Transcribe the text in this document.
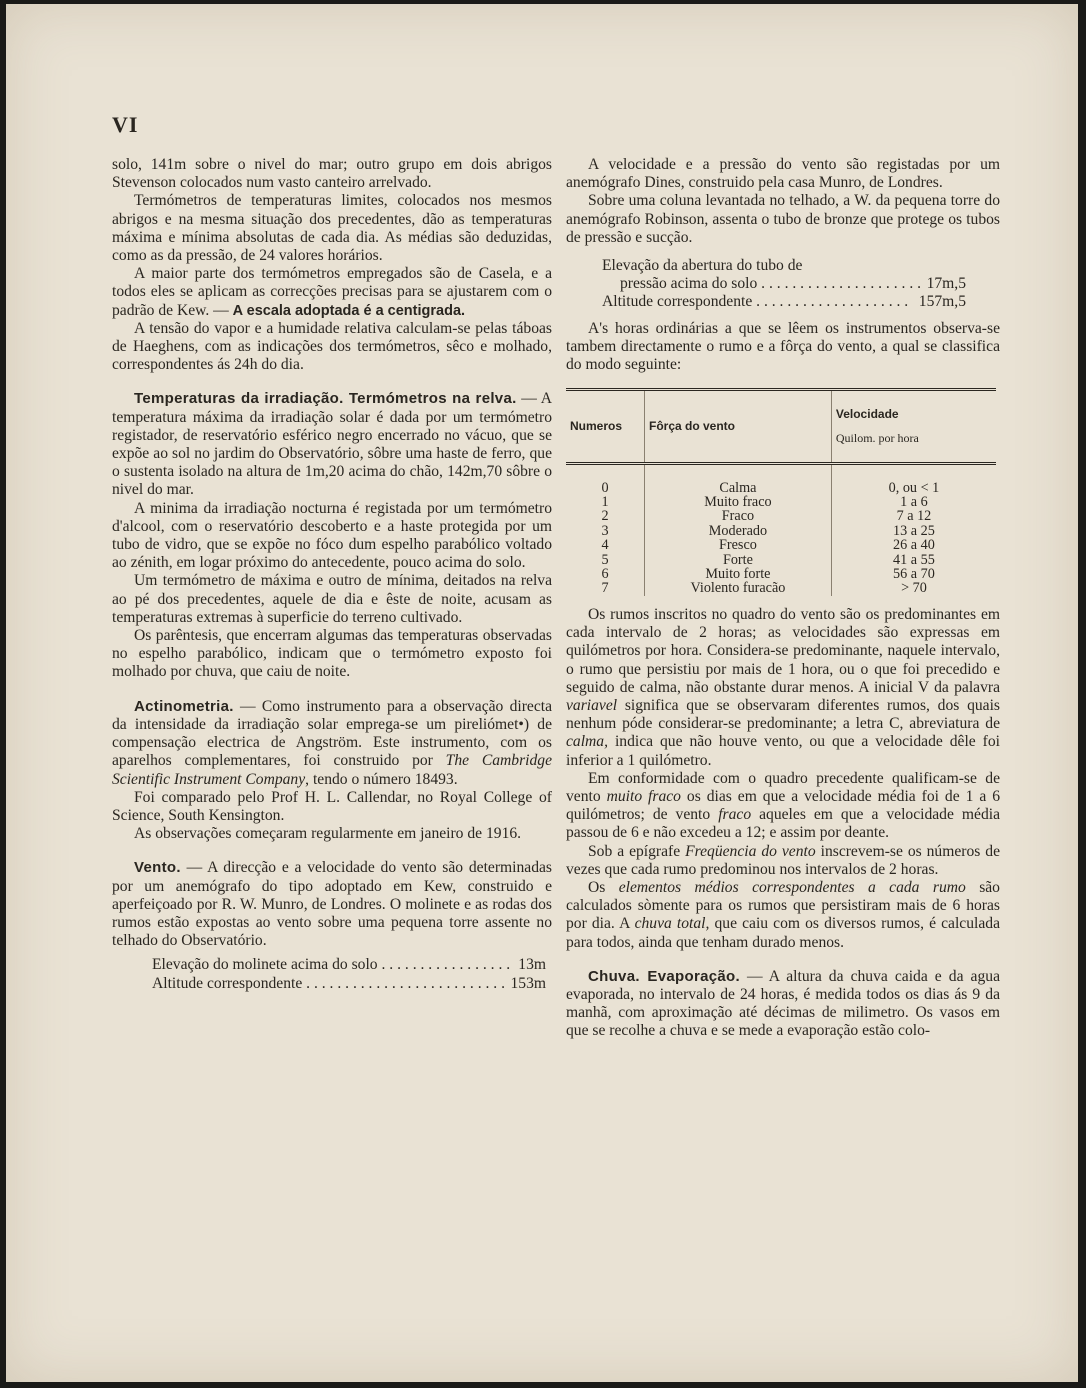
VI

solo, 141m sobre o nivel do mar; outro grupo em dois abrigos Stevenson colocados num vasto canteiro arrelvado.

Termómetros de temperaturas limites, colocados nos mesmos abrigos e na mesma situação dos precedentes, dão as temperaturas máxima e mínima absolutas de cada dia. As médias são deduzidas, como as da pressão, de 24 valores horários.

A maior parte dos termómetros empregados são de Casela, e a todos eles se aplicam as correcções precisas para se ajustarem com o padrão de Kew. — A escala adoptada é a centigrada.

A tensão do vapor e a humidade relativa calculam-se pelas táboas de Haeghens, com as indicações dos termómetros, sêco e molhado, correspondentes ás 24h do dia.

Temperaturas da irradiação. Termómetros na relva. — A temperatura máxima da irradiação solar é dada por um termómetro registador, de reservatório esférico negro encerrado no vácuo, que se expõe ao sol no jardim do Observatório, sôbre uma haste de ferro, que o sustenta isolado na altura de 1m,20 acima do chão, 142m,70 sôbre o nivel do mar.

A minima da irradiação nocturna é registada por um termómetro d'alcool, com o reservatório descoberto e a haste protegida por um tubo de vidro, que se expõe no fóco dum espelho parabólico voltado ao zénith, em logar próximo do antecedente, pouco acima do solo.

Um termómetro de máxima e outro de mínima, deitados na relva ao pé dos precedentes, aquele de dia e êste de noite, acusam as temperaturas extremas à superficie do terreno cultivado.

Os parêntesis, que encerram algumas das temperaturas observadas no espelho parabólico, indicam que o termómetro exposto foi molhado por chuva, que caiu de noite.

Actinometria. — Como instrumento para a observação directa da intensidade da irradiação solar emprega-se um pireliómet•) de compensação electrica de Angström. Este instrumento, com os aparelhos complementares, foi construido por The Cambridge Scientific Instrument Company, tendo o número 18493.

Foi comparado pelo Prof H. L. Callendar, no Royal College of Science, South Kensington.

As observações começaram regularmente em janeiro de 1916.

Vento. — A direcção e a velocidade do vento são determinadas por um anemógrafo do tipo adoptado em Kew, construido e aperfeiçoado por R. W. Munro, de Londres. O molinete e as rodas dos rumos estão expostas ao vento sobre uma pequena torre assente no telhado do Observatório.

Elevação do molinete acima do solo . . .	13m
Altitude correspondente . . .	153m

A velocidade e a pressão do vento são registadas por um anemógrafo Dines, construido pela casa Munro, de Londres.

Sobre uma coluna levantada no telhado, a W. da pequena torre do anemógrafo Robinson, assenta o tubo de bronze que protege os tubos de pressão e sucção.

Elevação da abertura do tubo de
pressão acima do solo . . .	17m,5
Altitude correspondente . . .	157m,5

A's horas ordinárias a que se lêem os instrumentos observa-se tambem directamente o rumo e a fôrça do vento, a qual se classifica do modo seguinte:

Numeros	Fôrça do vento	Velocidade
Quilom. por hora

0	Calma	0, ou < 1
1	Muito fraco	1 a 6
2	Fraco	7 a 12
3	Moderado	13 a 25
4	Fresco	26 a 40
5	Forte	41 a 55
6	Muito forte	56 a 70
7	Violento furacão	> 70

Os rumos inscritos no quadro do vento são os predominantes em cada intervalo de 2 horas; as velocidades são expressas em quilómetros por hora. Considera-se predominante, naquele intervalo, o rumo que persistiu por mais de 1 hora, ou o que foi precedido e seguido de calma, não obstante durar menos. A inicial V da palavra variavel significa que se observaram diferentes rumos, dos quais nenhum póde considerar-se predominante; a letra C, abreviatura de calma, indica que não houve vento, ou que a velocidade dêle foi inferior a 1 quilómetro.

Em conformidade com o quadro precedente qualificam-se de vento muito fraco os dias em que a velocidade média foi de 1 a 6 quilómetros; de vento fraco aqueles em que a velocidade média passou de 6 e não excedeu a 12; e assim por deante.

Sob a epígrafe Freqüencia do vento inscrevem-se os números de vezes que cada rumo predominou nos intervalos de 2 horas.

Os elementos médios correspondentes a cada rumo são calculados sòmente para os rumos que persistiram mais de 6 horas por dia. A chuva total, que caiu com os diversos rumos, é calculada para todos, ainda que tenham durado menos.

Chuva. Evaporação. — A altura da chuva caida e da agua evaporada, no intervalo de 24 horas, é medida todos os dias ás 9 da manhã, com aproximação até décimas de milimetro. Os vasos em que se recolhe a chuva e se mede a evaporação estão colo-
